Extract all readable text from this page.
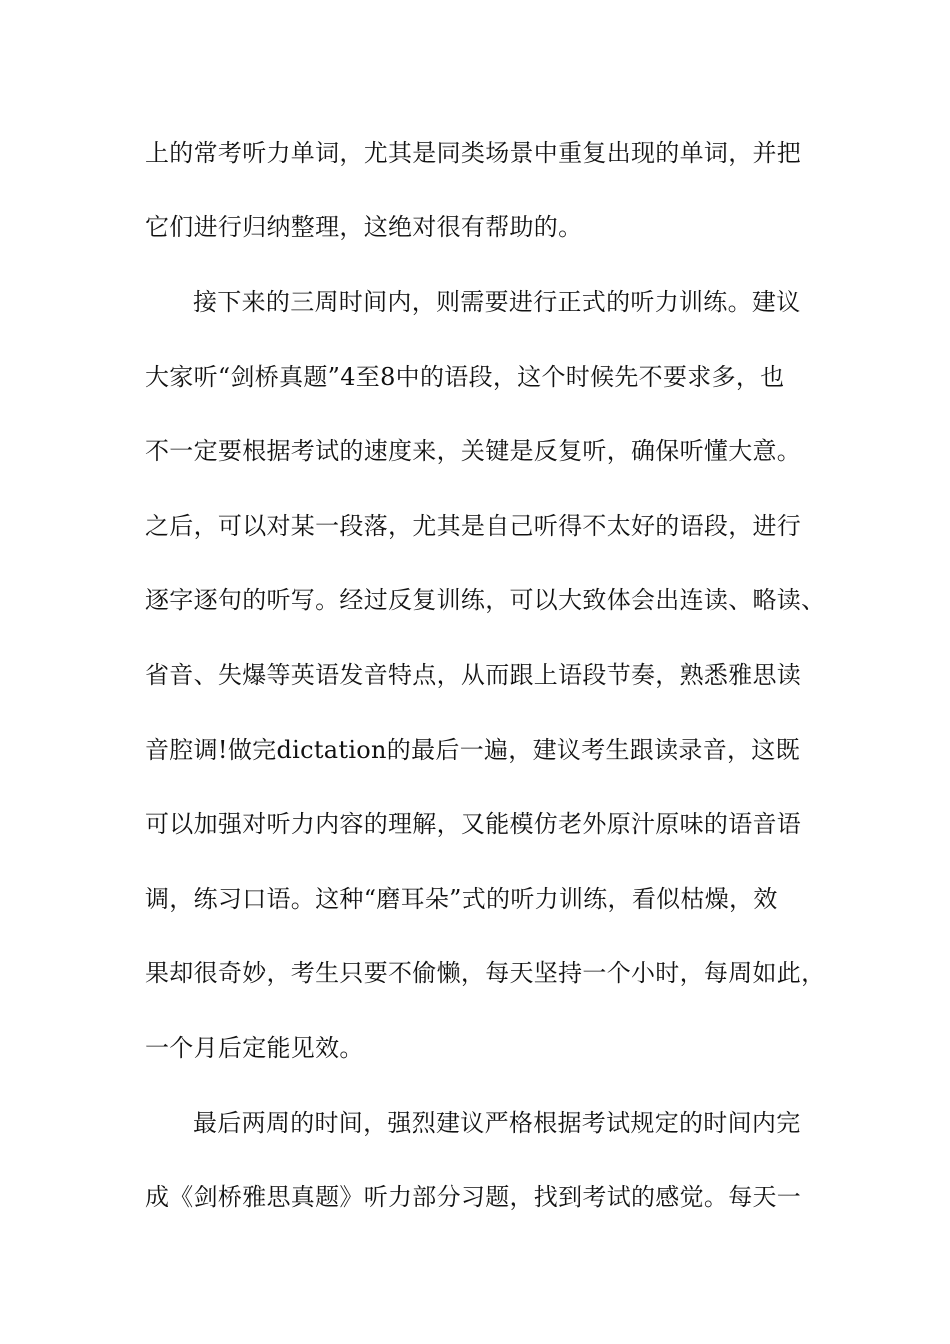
上的常考听力单词，尤其是同类场景中重复出现的单词，并把
它们进行归纳整理，这绝对很有帮助的。
接下来的三周时间内，则需要进行正式的听力训练。建议
大家听“剑桥真题”4至8中的语段，这个时候先不要求多，也
不一定要根据考试的速度来，关键是反复听，确保听懂大意。
之后，可以对某一段落，尤其是自己听得不太好的语段，进行
逐字逐句的听写。经过反复训练，可以大致体会出连读、略读、
省音、失爆等英语发音特点，从而跟上语段节奏，熟悉雅思读
音腔调!做完dictation的最后一遍，建议考生跟读录音，这既
可以加强对听力内容的理解，又能模仿老外原汁原味的语音语
调，练习口语。这种“磨耳朵”式的听力训练，看似枯燥，效
果却很奇妙，考生只要不偷懒，每天坚持一个小时，每周如此，
一个月后定能见效。
最后两周的时间，强烈建议严格根据考试规定的时间内完
成《剑桥雅思真题》听力部分习题，找到考试的感觉。每天一
